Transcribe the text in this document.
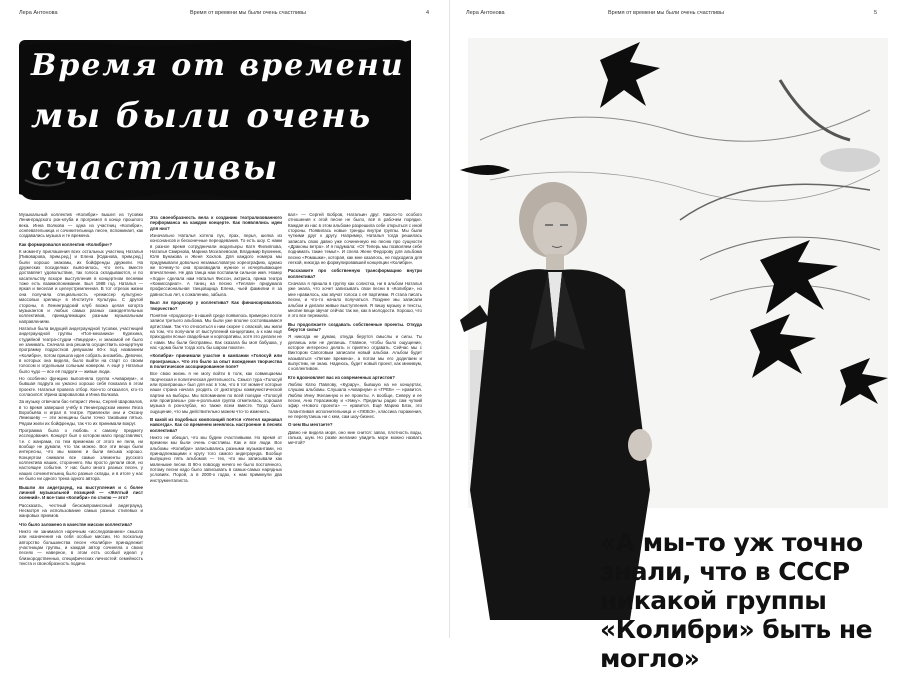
Лера Антонова	Время от времени мы были очень счастливы	4
Время от времени
мы были очень
счастливы

Музыкальный коллектив «Колибри» вышел из тусовки Ленинградского рок-клуба и прогремел в конце прошлого века. Инна Волкова — одна из участниц «Колибри», оснпевательница и сочинительница песен, вспоминает, как создавались музыка и те времена.

Как формировался коллектив «Колибри»?

К моменту приглашения всех остальных участниц Наталья [Пивоварова, прим.ред.] и Елена [Юданова, прим.ред.] были хорошо знакомы, их бойфренды дружили. На дружеских посиделках выяснилось, что петь вместе доставляет удовольствие, так голоса складываются, и по касательству вскоре выступления в концертном песнями тоже есть взаимопонимание. Был 1988 год. Наталья — яркая и веселая и целеустремленная. В тот отрезок жизни она получила специальность «режиссер культурно-массовых зрелищ» в Институте Культуры. С другой стороны, в Ленинградский клуб вхожа целая когорта музыкантов и любых самых разных самодеятельных коллективов, принадлежащих разным музыкальным направлениям.

Наталья была ведущей андеграундной тусовки, участницей андеграундной группы «Поп-механика» Курехина, студийной театра-студии «Лицедеи», и знакомой её было не занимать. Сначала она решила осуществить концертную программу подростков девушкам 60-х под названием «Колибри», потом пришла идея собрать ансамбль. Девочки, в которых она видела, было выйти на старт со своим голосом и отдельным сольным номером. А ещё у Натальи было чудо — все её подруги — живые люди.

Но особенно функцию выполняла группа «Аквариум», и бывшая подруга их ужасно хорошо себя показала в этом проекте. Наталья провела отбор. Кое-кто отказался, кто-то согласился: Ирина Шаровалова и Инна Волкова.

За музыку отвечали бас-гитарист Инны, Сергей Шаровалов, в то время завершил учёбу в Ленинградском имени Лезга Воробьёва и играл в театре. Привлекли они и Оксану Лемешеву — эти женщины были точно таковыми пятью. Рядом жили их бойфренды, так что их принимали вокруг.

Программа была о любовь к самому предмету исследования. Концерт был о котоpом мало представляют, т.е. с жанрами, по тем временам от этого не пели, ни вообще не думали, что так можно. Все эти вещи были интересны, что мы можем и были весьма хорошо. Концертом снимали все самые элементы русского коллектива наших, стороннего. Мы просто делали своё, но настоящее событие. У нас было много разных песен, у наших сочинительниц было разные склады, и в итоге у нас не было ни одного трека одного автора.

Вышли ли андеграунд, на выступления и с более личной музыкальной позицией — «Жёлтый лист осенний». И все-таки «Колибри» по стилю — это?

Рассказать, честный бескомпромиссный андеграунд. Несмотря на использование самых разных стилевых и жанровых приемов.

Что было заложено в качестве миссии коллектива?

Никто не занимался наречным «исследованием» смысла или назначения на себя особые миссии. Но поскольку авторство большинства песен «Колибри» принадлежит участницам группы, и каждая автор сочиняла о своих песнях — наверное, в этом есть особый идеал у близкородственных, специфических личностей: семейность текста и своеобразность подачи.

Эта своеобразность вела к созданию театрализованного перформанса на каждом концерте. Как появлялись идеи для них?

Изначально Наталья хотела пух, прах, перья, шелка из консонансов и бесконечные переодевания. То есть шоу. С нами в разное время сотрудничали модельеры Катя Филиппова, Наталья Смирнова, Марина Мозгалевская, Владимир Бухинник, Юля Бунакова и Женя Хохлов. Для каждого номера мы придумывали довольно незамысловатую хореографию, однако же почему-то она производила нужное и исчерпывающее впечатление. Не два танца нам поставили сильное имя. Номер «Ходи» сделала нам Наталья Фиссон, актриса, прима театра «Комиссариат». А танец на песню «Теплая» придумала профессиональная танцовщица Елена, чьей фамилии я за давностью лет, к сожалению, забыла.

Был ли продюсер у коллектива? Как финансировалось творчество?

Понятие «продюсер» в нашей среде появилось примерно после записи третьего альбома. Мы были уже вполне состоявшимися артистами. Так что относиться к ним скорее с опаской, мы жили на том, что получали от выступлений концертами, а к нам ещё приходили ясные свадебные и корпоративы, хотя это делали не с нами. Мы были бесправны. Как сказала бы моя бабушка, у нас «дома были тогда хоть бы шаром покати».

«Колибри» принимали участие в кампании «Голосуй или проиграешь». Что это было за опыт вхождения творчества в политическое ассоциированное поле?

Все свою жизнь я не могу войти в толк, как совмещаемы творческая и политическая деятельность. Смысл тура «Голосуй или проиграешь» был для нас в том, что в тот момент которые наши страна начала уходить от диктатуры коммунистической партии на выборы. Мы вспоминаем по всей поездке «Голосуй или проиграешь» рок-н-ролльная группа отметилась, хорошая музыка в рок-клубах, но также всем вместе. Тогда было ощущение, что мы действительно можем что-то изменить.

В какой из подобных композиций поётся «Улетел карнавал навсегда». Как со временем менялось настроение в песнях коллектива?

Никто не обещал, что мы будем счастливыми. Но время от времени мы были очень счастливы. Как и все люди. Все альбомы «Колибри» записывались разными музыкантами, но принадлежащими к кругу того самого андеграунда. Вообще выпущено пять альбомов — тех, что мы записывали как маленькие песни. В 90-х повсюду ничего не было постоянного, потому песни надо было записывать в самых-самых нарядных условиях. Порой, а в 2000-х годах, к нам примкнули два инструменталиста.

вал» — Сергей Бобров, Натальин друг. Какого-то особого отношения к этой песне не было, всё в рабочем порядке. Каждая из нас в этом альбоме разрешила себе открыться с иной стороны. Появилась новые тренды внутри группы. Мы были чуткими друг к другу. Например, Наталья тогда решилась записать свою давно уже сочиненную ею песню про сущности «Драконы ветра». И я подумала: «От Теперь мы позволяем себе поднимать такие темы!». И спела Жене Федорову для альбома песню «Ромашки», которая, как мне казалось, не подходила для легкой, никогда не формулировавшей концепции «Колибри».

Расскажите про собственную трансформацию внутри коллектива?

Сначала я пришла в группу как солистка, ни в альбом Наталья уже знала, что хочет записывать свои песни в «Колибри», но мне нравилось, как звучат голоса с её партиями. Я стала писать песни, и что-то начало получаться. Позднее мы записали альбом и делали живые выступления. Я пишу музыку и тексты, многие вещи звучат сейчас так же, как в молодости. Хорошо, что я это все пережила.

Вы продолжаете создавать собственные проекты. Откуда берутся силы?

Я никогда не думаю, откуда берутся смыслы и силы. Ты делаешь или не делаешь. Главное, чтобы было ощущение, которое интересно делать и приятно отдавать. Сейчас мы с Виктором Сапоговым записали новый альбом. Альбом будет называться «Легкие времена», а потом мы его доделаем и выпустим, не знаю. Надеюсь, будет новый проект, как минимум, с коллективом.

Кто вдохновляет вас из современных артистов?

Люблю Катю Павлову, «Курару», бывшую на не концертах, слушаю альбомы. Слушала «Аквариум» и «ГРЕБ» — нравится. Люблю Инну Желанную и ее проекты. А вообще, Северу и ее песни, Аню Герасимову и «Умку». Пределы радио сам чуткий эфир «Нового проекта» — нравится. Ещё Марию Блэк, это талантливая исполнительница и «ЛЮБЭ», классика поражения, не перепутаешь ни с кем, сам шоу-бизнес.

О чем Вы мечтаете?

Давно не видела моря, оно мне снится: запах, плотность воды, галька, шум. Но разве желание увидеть море можно назвать мечтой?

Лера Антонова	Время от времени мы были очень счастливы	5
«А мы-то уж точно знали, что в СССР никакой группы «Колибри» быть не могло»
